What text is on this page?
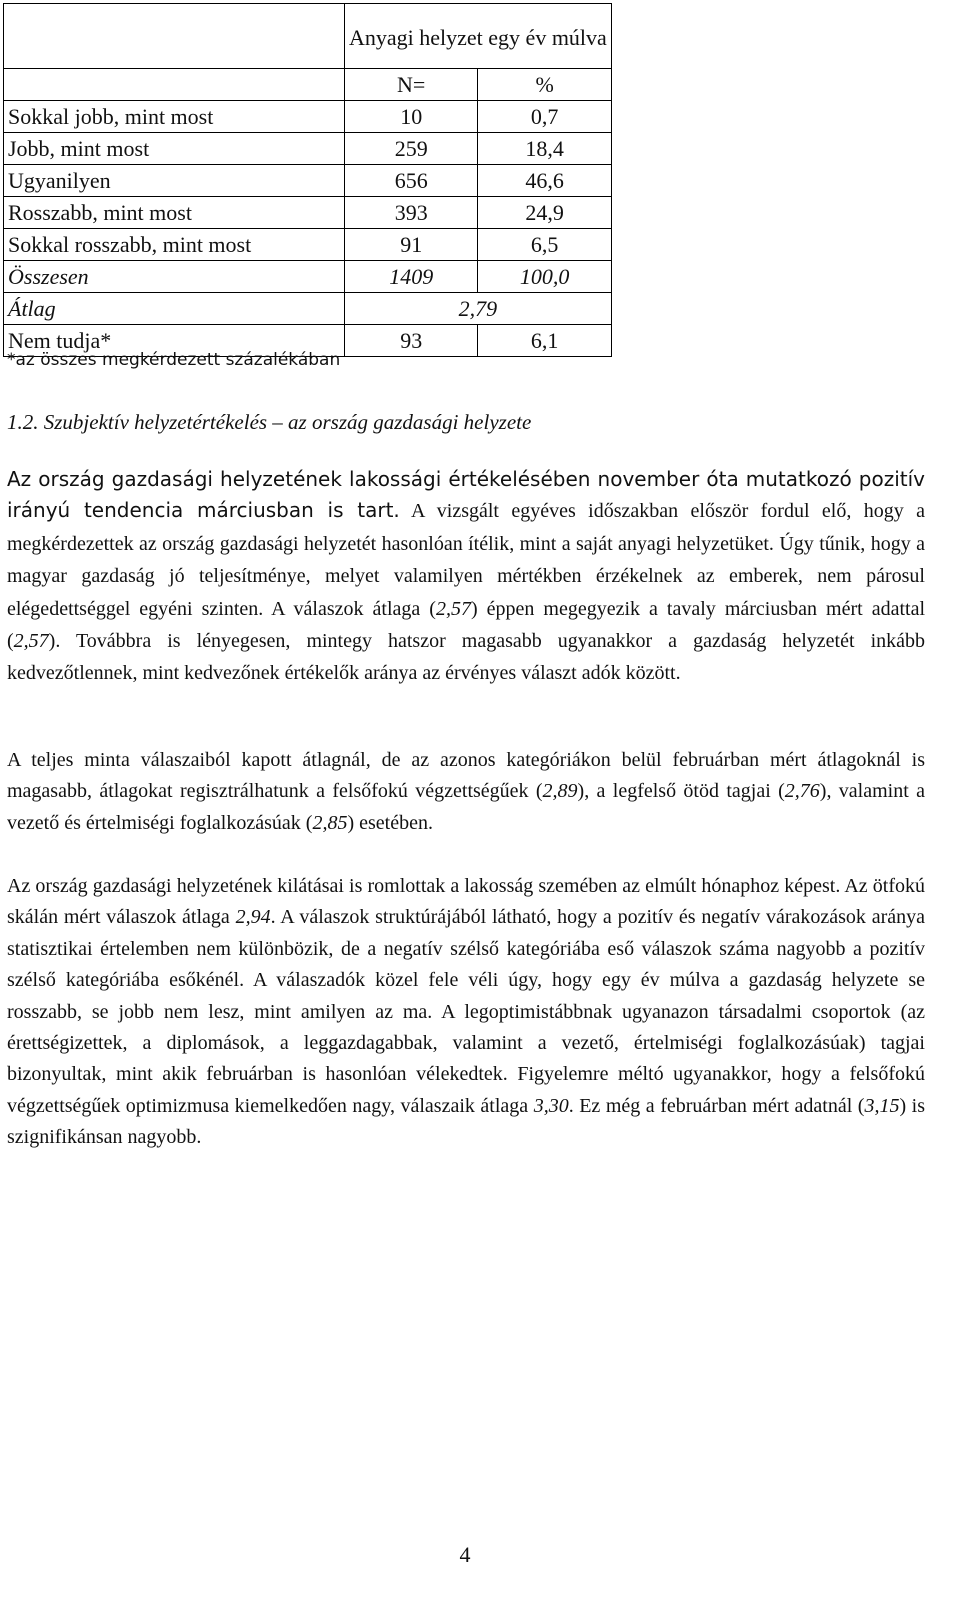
	Anyagi helyzet egy év múlva	
	N=	%
Sokkal jobb, mint most	10	0,7
Jobb, mint most	259	18,4
Ugyanilyen	656	46,6
Rosszabb, mint most	393	24,9
Sokkal rosszabb, mint most	91	6,5
Összesen	1409	100,0
Átlag	2,79	
Nem tudja*	93	6,1
*az összes megkérdezett százalékában
1.2. Szubjektív helyzetértékelés – az ország gazdasági helyzete

Az ország gazdasági helyzetének lakossági értékelésében november óta mutatkozó pozitív irányú tendencia márciusban is tart. A vizsgált egyéves időszakban először fordul elő, hogy a megkérdezettek az ország gazdasági helyzetét hasonlóan ítélik, mint a saját anyagi helyzetüket. Úgy tűnik, hogy a magyar gazdaság jó teljesítménye, melyet valamilyen mértékben érzékelnek az emberek, nem párosul elégedettséggel egyéni szinten. A válaszok átlaga (2,57) éppen megegyezik a tavaly márciusban mért adattal (2,57). Továbbra is lényegesen, mintegy hatszor magasabb ugyanakkor a gazdaság helyzetét inkább kedvezőtlennek, mint kedvezőnek értékelők aránya az érvényes választ adók között.

A teljes minta válaszaiból kapott átlagnál, de az azonos kategóriákon belül februárban mért átlagoknál is magasabb, átlagokat regisztrálhatunk a felsőfokú végzettségűek (2,89), a legfelső ötöd tagjai (2,76), valamint a vezető és értelmiségi foglalkozásúak (2,85) esetében.

Az ország gazdasági helyzetének kilátásai is romlottak a lakosság szemében az elmúlt hónaphoz képest. Az ötfokú skálán mért válaszok átlaga 2,94. A válaszok struktúrájából látható, hogy a pozitív és negatív várakozások aránya statisztikai értelemben nem különbözik, de a negatív szélső kategóriába eső válaszok száma nagyobb a pozitív szélső kategóriába esőkénél. A válaszadók közel fele véli úgy, hogy egy év múlva a gazdaság helyzete se rosszabb, se jobb nem lesz, mint amilyen az ma. A legoptimistábbnak ugyanazon társadalmi csoportok (az érettségizettek, a diplomások, a leggazdagabbak, valamint a vezető, értelmiségi foglalkozásúak) tagjai bizonyultak, mint akik februárban is hasonlóan vélekedtek. Figyelemre méltó ugyanakkor, hogy a felsőfokú végzettségűek optimizmusa kiemelkedően nagy, válaszaik átlaga 3,30. Ez még a februárban mért adatnál (3,15) is szignifikánsan nagyobb.

4
